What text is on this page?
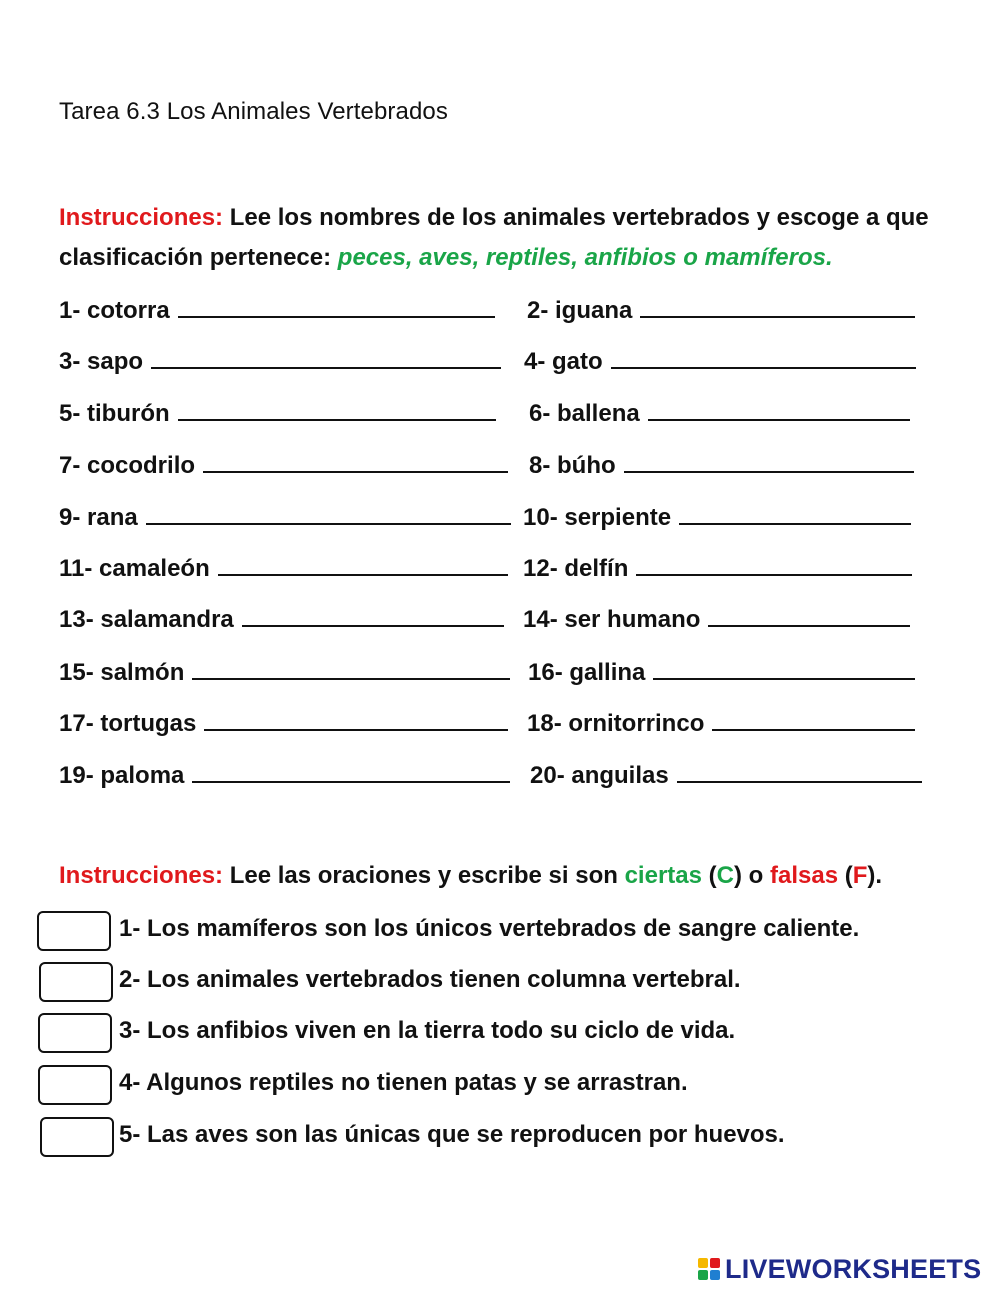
Tarea 6.3 Los Animales Vertebrados
Instrucciones: Lee los nombres de los animales vertebrados y escoge a que clasificación pertenece: peces, aves, reptiles, anfibios o mamíferos.
1- cotorra	2- iguana
3- sapo	4- gato
5- tiburón	6- ballena
7- cocodrilo	8- búho
9- rana	10- serpiente
11- camaleón	12- delfín
13- salamandra	14- ser humano
15- salmón	16- gallina
17- tortugas	18- ornitorrinco
19- paloma	20- anguilas
Instrucciones: Lee las oraciones y escribe si son ciertas (C) o falsas (F).
1- Los mamíferos son los únicos vertebrados de sangre caliente.
2- Los animales vertebrados tienen columna vertebral.
3- Los anfibios viven en la tierra todo su ciclo de vida.
4- Algunos reptiles no tienen patas y se arrastran.
5- Las aves son las únicas que se reproducen por huevos.
LIVEWORKSHEETS
